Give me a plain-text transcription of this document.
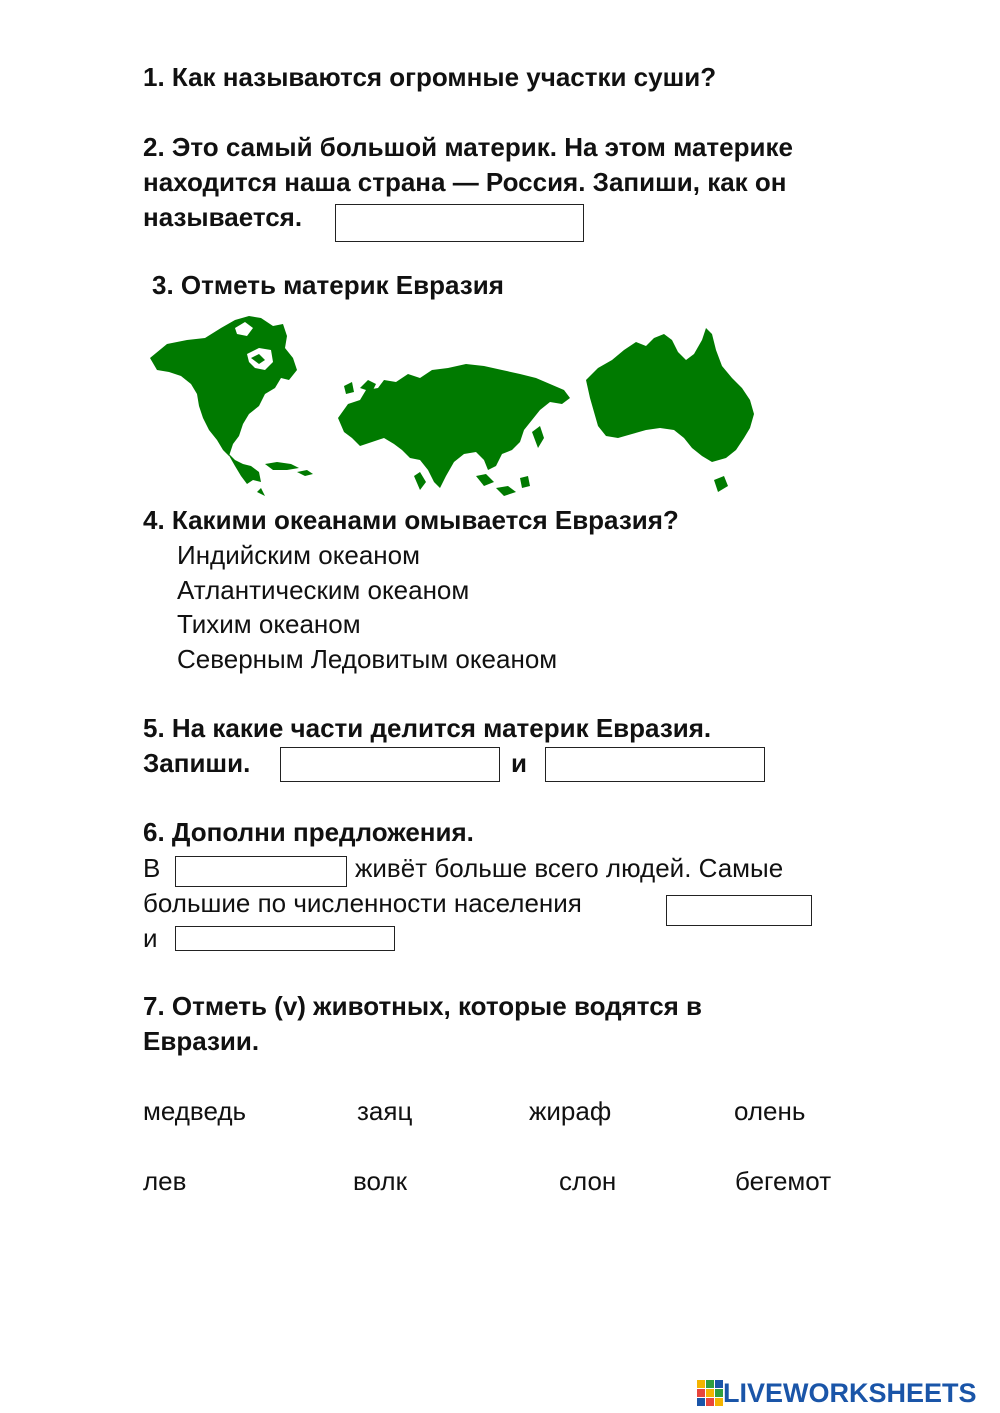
1. Как называются огромные участки суши?
2. Это самый большой материк. На этом материке
находится наша страна — Россия. Запиши, как он
называется.
3. Отметь материк Евразия
4. Какими океанами омывается Евразия?
Индийским океаном
Атлантическим океаном
Тихим океаном
Северным Ледовитым океаном
5. На какие части делится материк Евразия.
Запиши.	и
6. Дополни предложения.
В	живёт больше всего людей. Самые
большие по численности населения
и
7. Отметь (v) животных, которые водятся в
Евразии.
медведь	заяц	жираф	олень
лев	волк	слон	бегемот
LIVEWORKSHEETS
